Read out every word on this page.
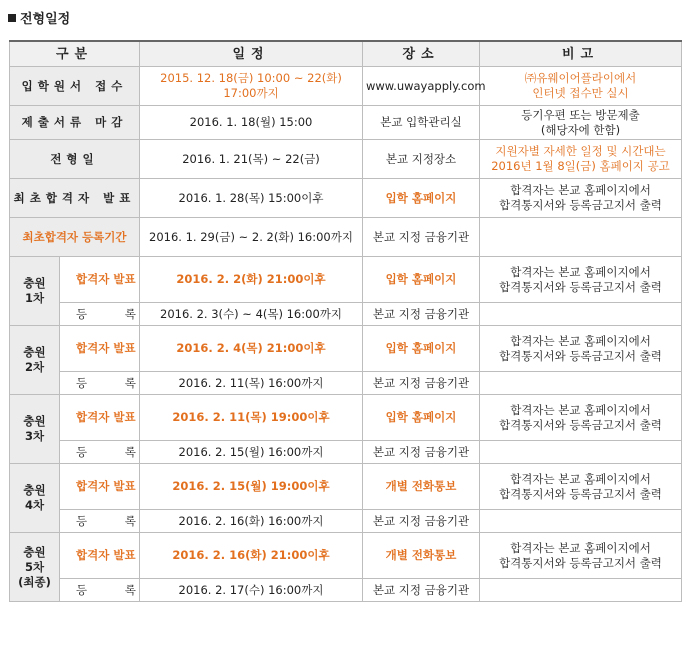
전형일정
구분		일정	장소	비고
입학원서 접수		2015. 12. 18(금) 10:00 ~ 22(화) 17:00까지	www.uwayapply.com	㈜유웨이어플라이에서
인터넷 접수만 실시
제출서류 마감		2016. 1. 18(월) 15:00	본교 입학관리실	등기우편 또는 방문제출
(해당자에 한함)
전형일		2016. 1. 21(목) ~ 22(금)	본교 지정장소	지원자별 자세한 일정 및 시간대는
2016년 1월 8일(금) 홈페이지 공고
최초합격자 발표		2016. 1. 28(목) 15:00이후	입학 홈페이지	합격자는 본교 홈페이지에서
합격통지서와 등록금고지서 출력
최초합격자 등록기간		2016. 1. 29(금) ~ 2. 2(화) 16:00까지	본교 지정 금융기관	
충원
1차	합격자 발표	2016. 2. 2(화) 21:00이후	입학 홈페이지	합격자는 본교 홈페이지에서
합격통지서와 등록금고지서 출력

	등 록	2016. 2. 3(수) ~ 4(목) 16:00까지	본교 지정 금융기관	
충원
2차	합격자 발표	2016. 2. 4(목) 21:00이후	입학 홈페이지	합격자는 본교 홈페이지에서
합격통지서와 등록금고지서 출력

	등 록	2016. 2. 11(목) 16:00까지	본교 지정 금융기관	
충원
3차	합격자 발표	2016. 2. 11(목) 19:00이후	입학 홈페이지	합격자는 본교 홈페이지에서
합격통지서와 등록금고지서 출력

	등 록	2016. 2. 15(월) 16:00까지	본교 지정 금융기관	
충원
4차	합격자 발표	2016. 2. 15(월) 19:00이후	개별 전화통보	합격자는 본교 홈페이지에서
합격통지서와 등록금고지서 출력

	등 록	2016. 2. 16(화) 16:00까지	본교 지정 금융기관	
충원
5차
(최종)	합격자 발표	2016. 2. 16(화) 21:00이후	개별 전화통보	합격자는 본교 홈페이지에서
합격통지서와 등록금고지서 출력

	등 록	2016. 2. 17(수) 16:00까지	본교 지정 금융기관	
